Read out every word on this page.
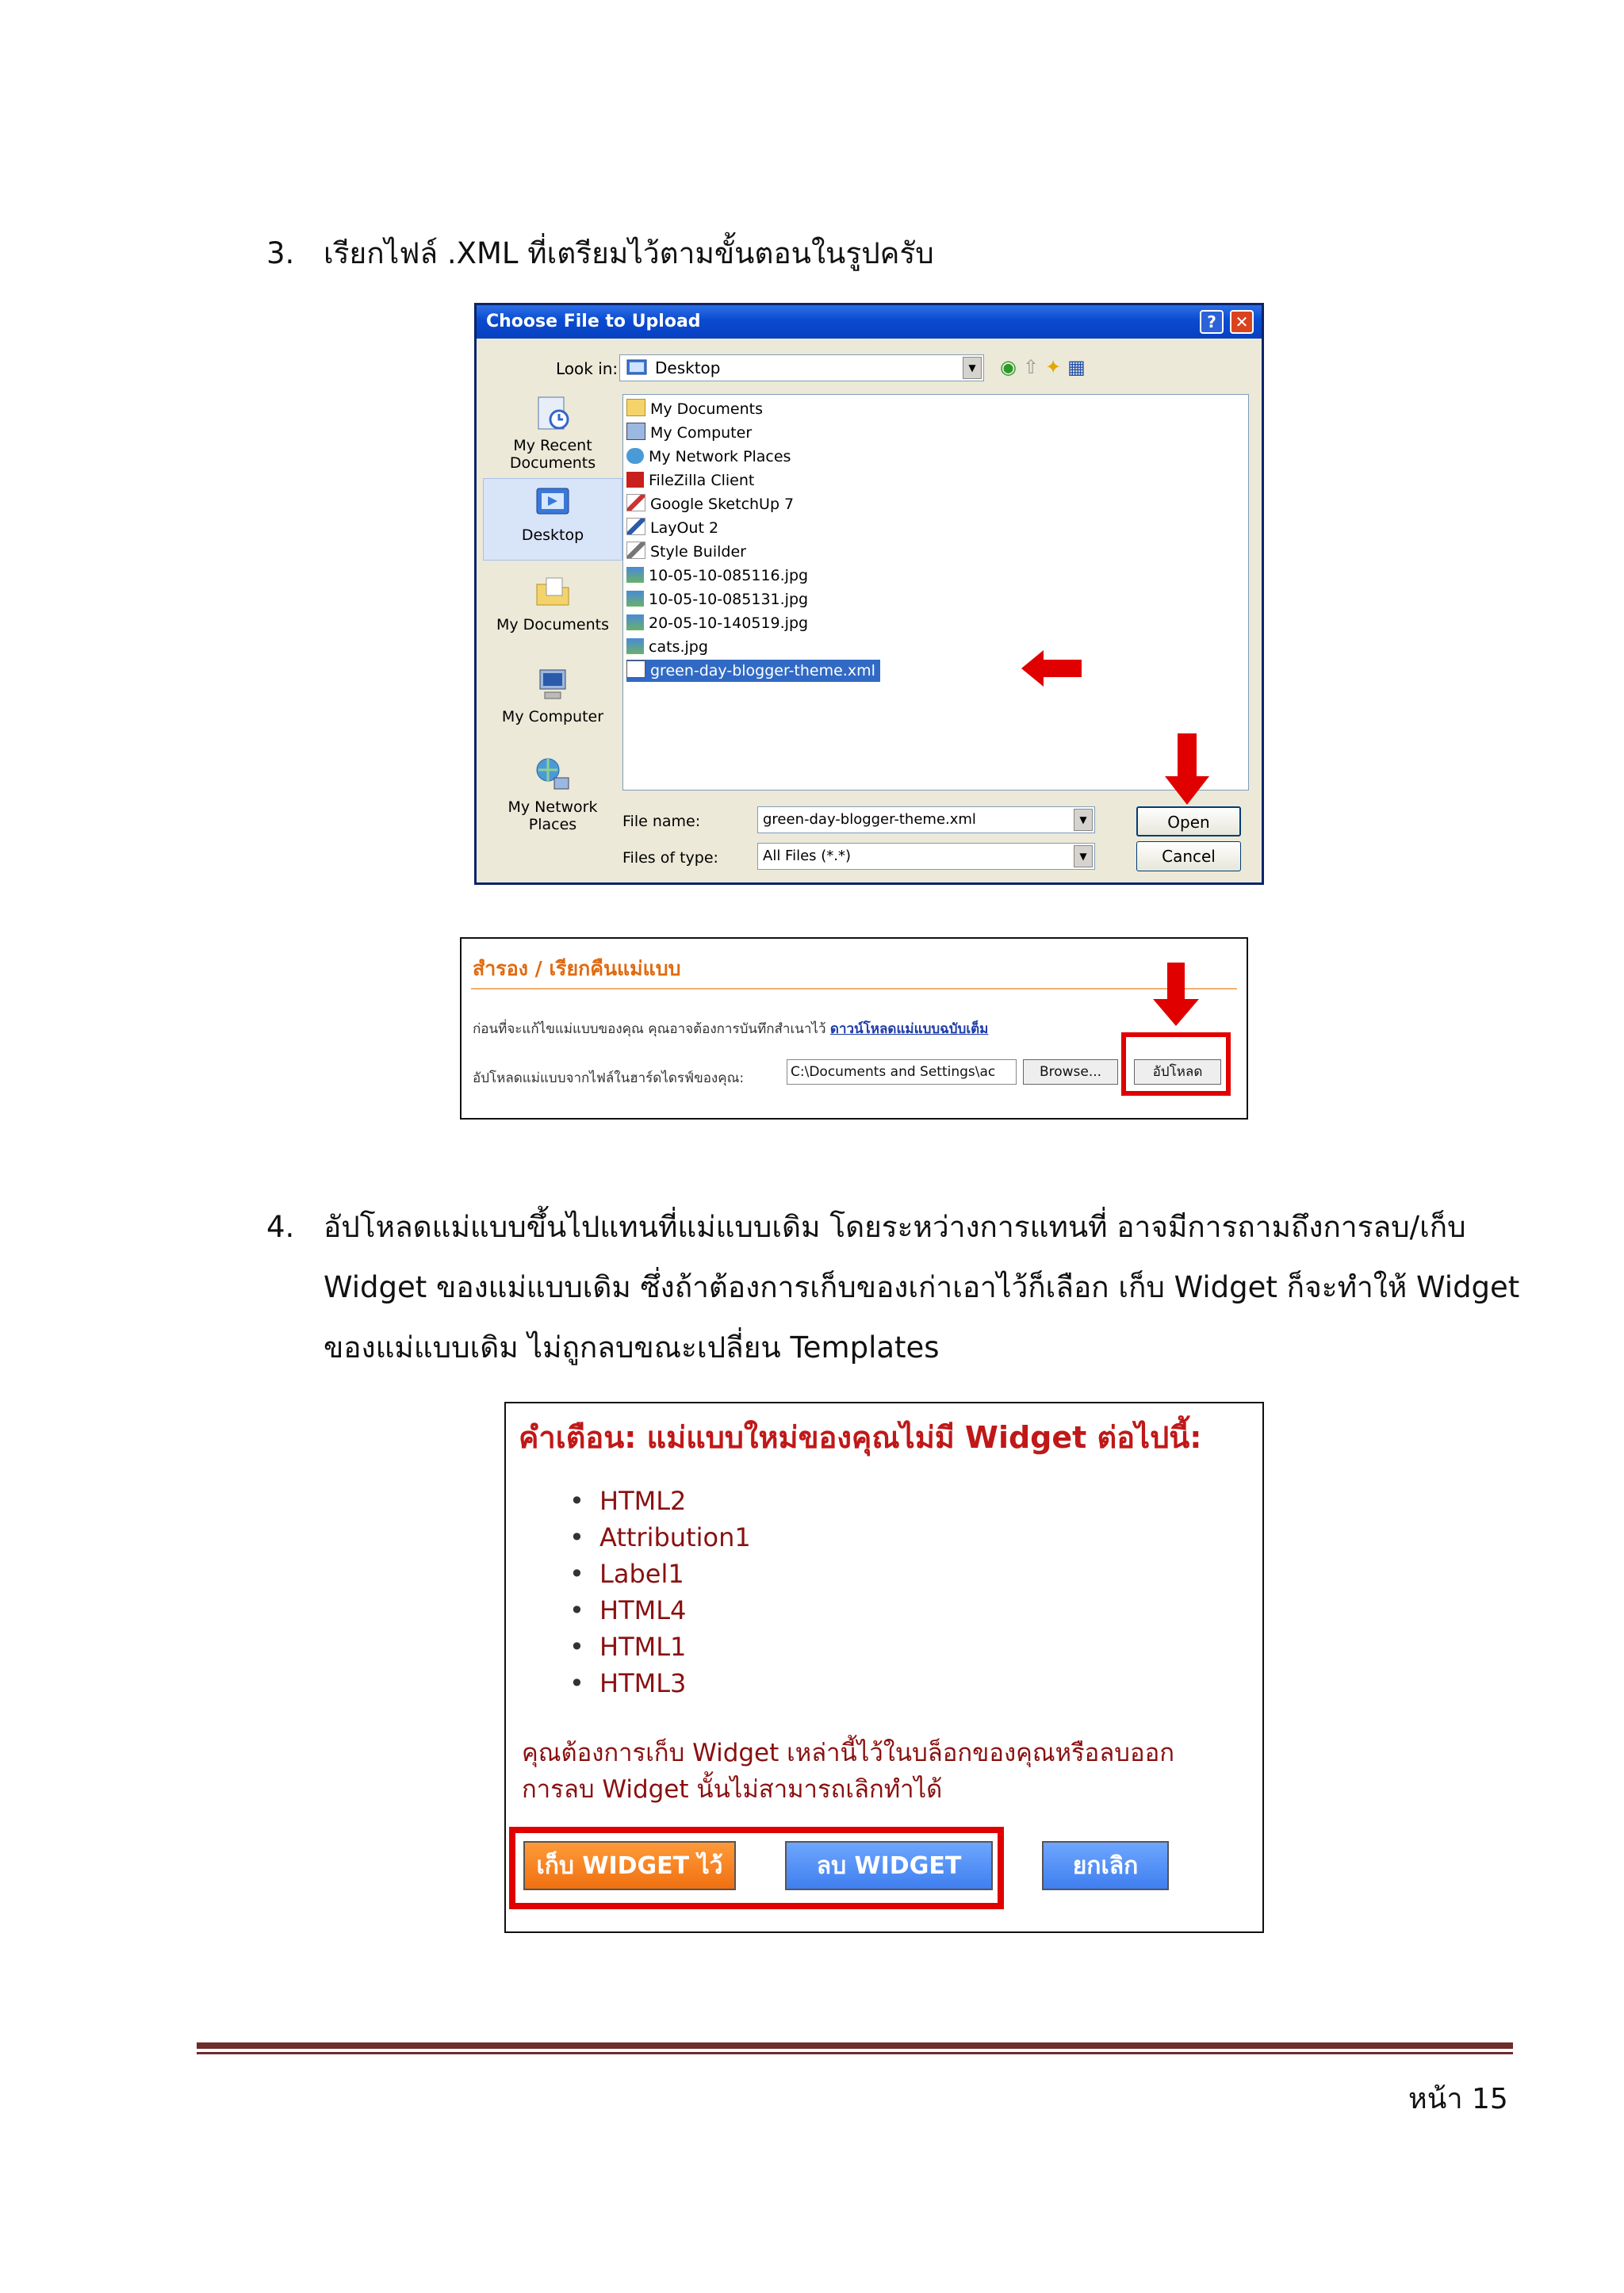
3. เรียกไฟล์ .XML ที่เตรียมไว้ตามขั้นตอนในรูปครับ
Choose File to Upload	?	✕
Look in:	Desktop	▼	◉⇧✦▦
My Recent Documents
Desktop
My Documents
My Computer
My Network Places
My Documents
My Computer
My Network Places
FileZilla Client
Google SketchUp 7
LayOut 2
Style Builder
10-05-10-085116.jpg
10-05-10-085131.jpg
20-05-10-140519.jpg
cats.jpg
green-day-blogger-theme.xml
File name:	green-day-blogger-theme.xml	▼
Files of type:	All Files (*.*)	▼
Open
Cancel
สำรอง / เรียกคืนแม่แบบ
ก่อนที่จะแก้ไขแม่แบบของคุณ คุณอาจต้องการบันทึกสำเนาไว้ ดาวน์โหลดแม่แบบฉบับเต็ม
อัปโหลดแม่แบบจากไฟล์ในฮาร์ดไดรฟ์ของคุณ:	C:\Documents and Settings\ac	Browse...	อัปโหลด
4. อัปโหลดแม่แบบขึ้นไปแทนที่แม่แบบเดิม โดยระหว่างการแทนที่ อาจมีการถามถึงการลบ/เก็บ Widget ของแม่แบบเดิม ซึ่งถ้าต้องการเก็บของเก่าเอาไว้ก็เลือก เก็บ Widget ก็จะทำให้ Widget ของแม่แบบเดิม ไม่ถูกลบขณะเปลี่ยน Templates
คำเตือน: แม่แบบใหม่ของคุณไม่มี Widget ต่อไปนี้:
• HTML2
• Attribution1
• Label1
• HTML4
• HTML1
• HTML3
คุณต้องการเก็บ Widget เหล่านี้ไว้ในบล็อกของคุณหรือลบออก
การลบ Widget นั้นไม่สามารถเลิกทำได้
เก็บ WIDGET ไว้	ลบ WIDGET	ยกเลิก
หน้า 15
